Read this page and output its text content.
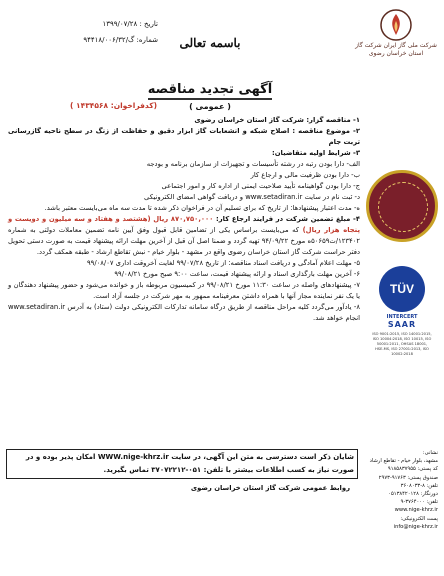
شرکت ملی گاز ایران شرکت گاز استان خراسان رضوی
باسمه تعالی
تاریخ : ۱۳۹۹/۰۷/۲۸
شماره: گ/۹۴۴۱۸/۰۰۶/۳۲
آگهی تجدید مناقصه
( عمومی )
(کدفراخوان: ۱۴۳۴۵۶۸ )

۱- مناقصه گزار: شرکت گاز استان خراسان رضوی

۲- موضوع مناقصه : اصلاح شبکه و انشعابات گاز ابزار دقیق و حفاظت از زنگ در سطح ناحیه گازرسانی تربت جام

۳- شرایط اولیه متقاضیان:

الف- دارا بودن رتبه در رشته تأسیسات و تجهیزات از سازمان برنامه و بودجه

ب- دارا بودن ظرفیت مالی و ارجاع کار

ج- دارا بودن گواهینامه تأیید صلاحیت ایمنی از اداره کار و امور اجتماعی

د- ثبت نام در سایت www.setadiran.ir و دریافت گواهی امضای الکترونیکی

ه- مدت اعتبار پیشنهادها: از تاریخ که برای تسلیم آن در فراخوان ذکر شده تا مدت سه ماه می‌بایست معتبر باشد.

۴- مبلغ تضمین شرکت در فرایند ارجاع کار: ۸۷۰,۷۵۰,۰۰۰ ریال (هشتصد و هفتاد و سه میلیون و دویست و پنجاه هزار ریال) که می‌بایست براساس یکی از تضامین قابل قبول وفق آیین نامه تضمین معاملات دولتی به شماره ۱۲۳۴۰۲/ت۵۰۶۵۹ه مورخ ۹۴/۰۹/۲۲ تهیه گردد و ضمنا اصل آن قبل از آخرین مهلت ارائه پیشنهاد قیمت به صورت دستی تحویل دفتر حراست شرکت گاز استان خراسان رضوی واقع در مشهد - بلوار خیام - نبش تقاطع ارشاد - طبقه همکف گردد.

۵- مهلت اعلام آمادگی و دریافت اسناد مناقصه: از تاریخ ۹۹/۰۷/۲۸ لغایت آخروقت اداری ۹۹/۰۸/۰۷

۶- آخرین مهلت بارگذاری اسناد و ارائه پیشنهاد قیمت، ساعت ۹:۰۰ صبح مورخ ۹۹/۰۸/۲۱

۷- پیشنهادهای واصله در ساعت ۱۱:۳۰ مورخ ۹۹/۰۸/۲۱ در کمیسیون مربوطه باز و خوانده می‌شود و حضور پیشنهاد دهندگان و یا یک نفر نماینده مجاز آنها با همراه داشتن معرفینامه ممهور به مهر شرکت در جلسه آزاد است.

۸- یادآور می‌گردد کلیه مراحل مناقصه از طریق درگاه سامانه تدارکات الکترونیکی دولت (ستاد) به آدرس www.setadiran.ir انجام خواهد شد.

TÜV
INTERCERT
SAAR
ISO 9001:2015, ISO 14001:2015, ISO 10004:2018, ISO 10015, ISO 50001:2011, OHSAS 18001, HSE-MS, ISO 27001:2013, ISO 10002:2018
شایان ذکر است دسترسی به متن این آگهی، در سایت WWW.nige-khrz.ir امکان پذیر بوده و در
صورت نیاز به کسب اطلاعات بیشتر با تلفن: ۰۵۱-۳۷۰۷۲۲۱۲ تماس بگیرید.
روابط عمومی شرکت گاز استان خراسان رضوی
نشانی:
مشهد، بلوار خیام - تقاطع ارشاد
کد پستی: ۹۱۸۵۸۳۷۹۵۵
صندوق پستی: ۹۱۷۶۳-۲۹۷۳
تلفن: ۸-۳۶۰۸۰۳۳
دورنگار: ۰۵۱۳۸۴۲۰۱۲۸
تلفن: ۳۷۶۴۰۰۰-۹
www.nige-khrz.ir
پست الکترونیکی:
info@nige-khrz.ir
